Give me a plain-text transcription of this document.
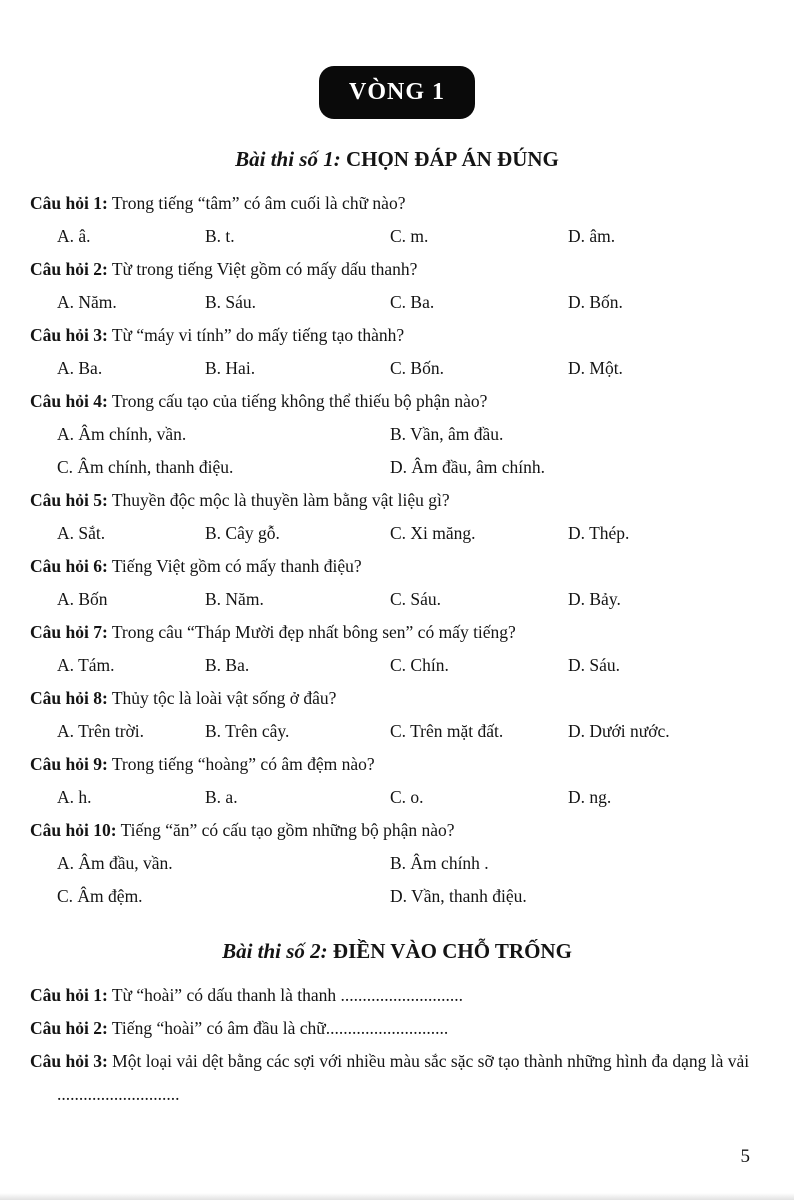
VÒNG 1
Bài thi số 1: CHỌN ĐÁP ÁN ĐÚNG
Câu hỏi 1: Trong tiếng “tâm” có âm cuối là chữ nào?
A. â.	B. t.	C. m.	D. âm.
Câu hỏi 2: Từ trong tiếng Việt gồm có mấy dấu thanh?
A. Năm.	B. Sáu.	C. Ba.	D. Bốn.
Câu hỏi 3: Từ “máy vi tính” do mấy tiếng tạo thành?
A. Ba.	B. Hai.	C. Bốn.	D. Một.
Câu hỏi 4: Trong cấu tạo của tiếng không thể thiếu bộ phận nào?
A. Âm chính, vần.	B. Vần, âm đầu.
C. Âm chính, thanh điệu.	D. Âm đầu, âm chính.
Câu hỏi 5: Thuyền độc mộc là thuyền làm bằng vật liệu gì?
A. Sắt.	B. Cây gỗ.	C. Xi măng.	D. Thép.
Câu hỏi 6: Tiếng Việt gồm có mấy thanh điệu?
A. Bốn	B. Năm.	C. Sáu.	D. Bảy.
Câu hỏi 7: Trong câu “Tháp Mười đẹp nhất bông sen” có mấy tiếng?
A. Tám.	B. Ba.	C. Chín.	D. Sáu.
Câu hỏi 8: Thủy tộc là loài vật sống ở đâu?
A. Trên trời.	B. Trên cây.	C. Trên mặt đất.	D. Dưới nước.
Câu hỏi 9: Trong tiếng “hoàng” có âm đệm nào?
A. h.	B. a.	C. o.	D. ng.
Câu hỏi 10: Tiếng “ăn” có cấu tạo gồm những bộ phận nào?
A. Âm đầu, vần.	B. Âm chính .
C. Âm đệm.	D. Vần, thanh điệu.
Bài thi số 2: ĐIỀN VÀO CHỖ TRỐNG
Câu hỏi 1: Từ “hoài” có dấu thanh là thanh ............................
Câu hỏi 2: Tiếng “hoài” có âm đầu là chữ............................
Câu hỏi 3: Một loại vải dệt bằng các sợi với nhiều màu sắc sặc sỡ tạo thành những hình đa dạng là vải ............................
5
